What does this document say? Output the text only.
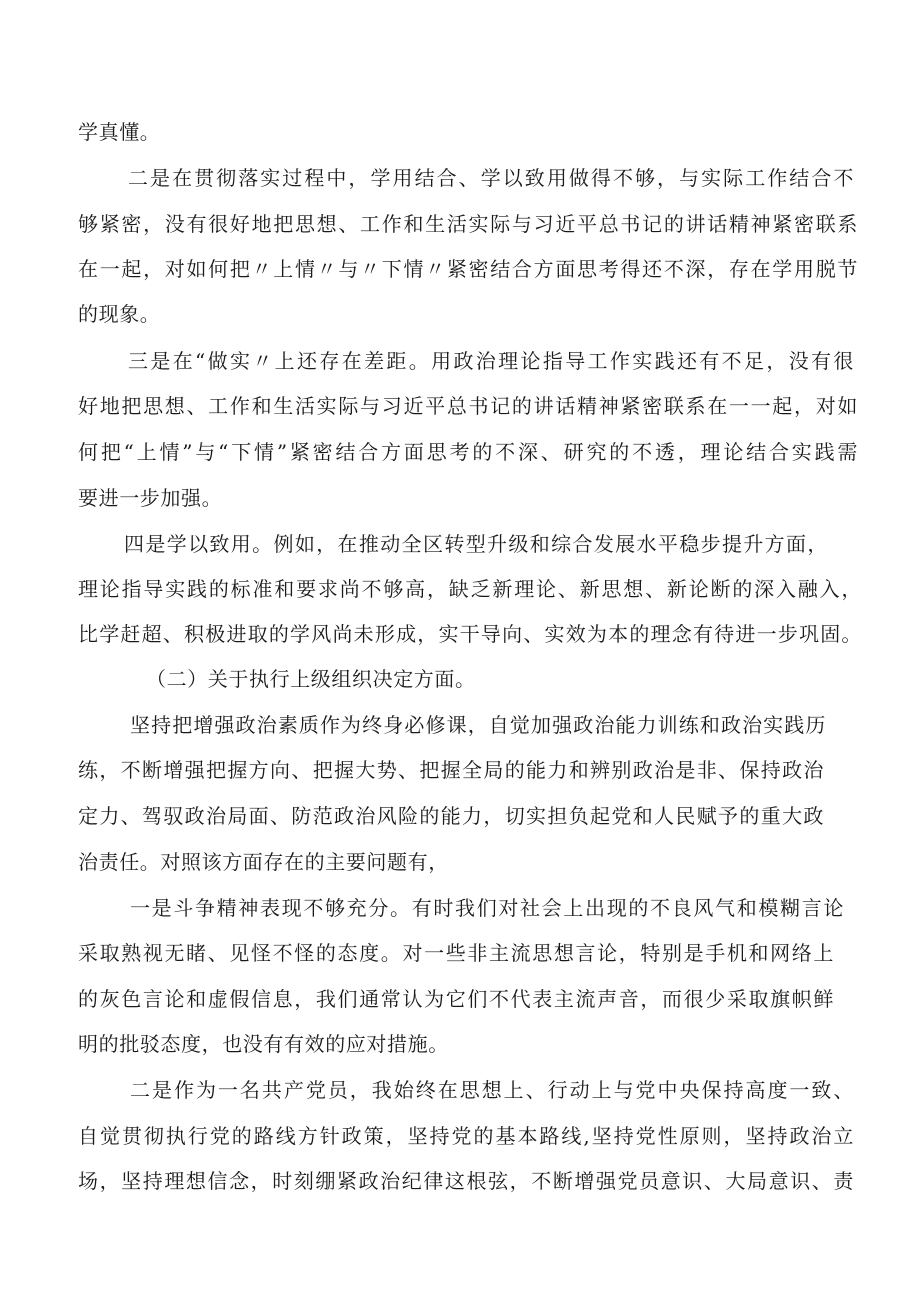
学真懂。
二是在贯彻落实过程中，学用结合、学以致用做得不够，与实际工作结合不
够紧密，没有很好地把思想、工作和生活实际与习近平总书记的讲话精神紧密联系
在一起，对如何把〃上情〃与〃下情〃紧密结合方面思考得还不深，存在学用脱节
的现象。
三是在“做实〃上还存在差距。用政治理论指导工作实践还有不足，没有很
好地把思想、工作和生活实际与习近平总书记的讲话精神紧密联系在一一起，对如
何把“上情”与“下情”紧密结合方面思考的不深、研究的不透，理论结合实践需
要进一步加强。
四是学以致用。例如，在推动全区转型升级和综合发展水平稳步提升方面，
理论指导实践的标准和要求尚不够高，缺乏新理论、新思想、新论断的深入融入，
比学赶超、积极进取的学风尚未形成，实干导向、实效为本的理念有待进一步巩固。
（二）关于执行上级组织决定方面。
坚持把增强政治素质作为终身必修课，自觉加强政治能力训练和政治实践历
练，不断增强把握方向、把握大势、把握全局的能力和辨别政治是非、保持政治
定力、驾驭政治局面、防范政治风险的能力，切实担负起党和人民赋予的重大政
治责任。对照该方面存在的主要问题有，
一是斗争精神表现不够充分。有时我们对社会上出现的不良风气和模糊言论
采取熟视无睹、见怪不怪的态度。对一些非主流思想言论，特别是手机和网络上
的灰色言论和虚假信息，我们通常认为它们不代表主流声音，而很少采取旗帜鲜
明的批驳态度，也没有有效的应对措施。
二是作为一名共产党员，我始终在思想上、行动上与党中央保持高度一致、
自觉贯彻执行党的路线方针政策，坚持党的基本路线,坚持党性原则，坚持政治立
场，坚持理想信念，时刻绷紧政治纪律这根弦，不断增强党员意识、大局意识、责
